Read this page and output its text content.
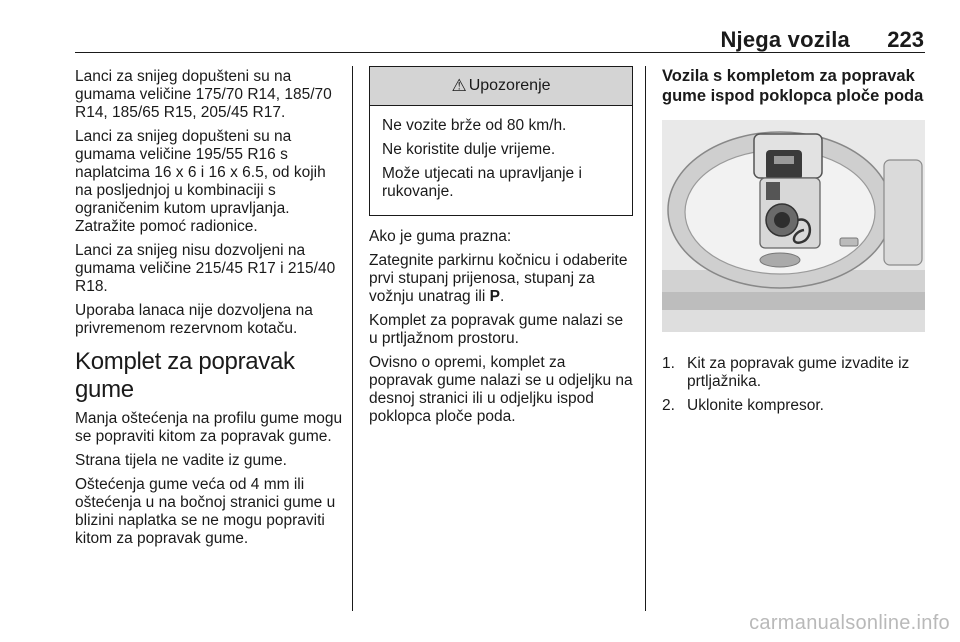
Njega vozila	223

Lanci za snijeg dopušteni su na gumama veličine 175/70 R14, 185/70 R14, 185/65 R15, 205/45 R17.

Lanci za snijeg dopušteni su na gumama veličine 195/55 R16 s naplatcima 16 x 6 i 16 x 6.5, od kojih na posljednjoj u kombinaciji s ograničenim kutom upravljanja. Zatražite pomoć radionice.

Lanci za snijeg nisu dozvoljeni na gumama veličine 215/45 R17 i 215/40 R18.

Uporaba lanaca nije dozvoljena na privremenom rezervnom kotaču.

Komplet za popravak gume

Manja oštećenja na profilu gume mogu se popraviti kitom za popravak gume.

Strana tijela ne vadite iz gume.

Oštećenja gume veća od 4 mm ili oštećenja u na bočnoj stranici gume u blizini naplatka se ne mogu popraviti kitom za popravak gume.

⚠ Upozorenje

Ne vozite brže od 80 km/h.

Ne koristite dulje vrijeme.

Može utjecati na upravljanje i rukovanje.

Ako je guma prazna:

Zategnite parkirnu kočnicu i odaberite prvi stupanj prijenosa, stupanj za vožnju unatrag ili P.

Komplet za popravak gume nalazi se u prtljažnom prostoru.

Ovisno o opremi, komplet za popravak gume nalazi se u odjeljku na desnoj stranici ili u odjeljku ispod poklopca ploče poda.

Vozila s kompletom za popravak gume ispod poklopca ploče poda
1. Kit za popravak gume izvadite iz prtljažnika.
2. Uklonite kompresor.
carmanualsonline.info
